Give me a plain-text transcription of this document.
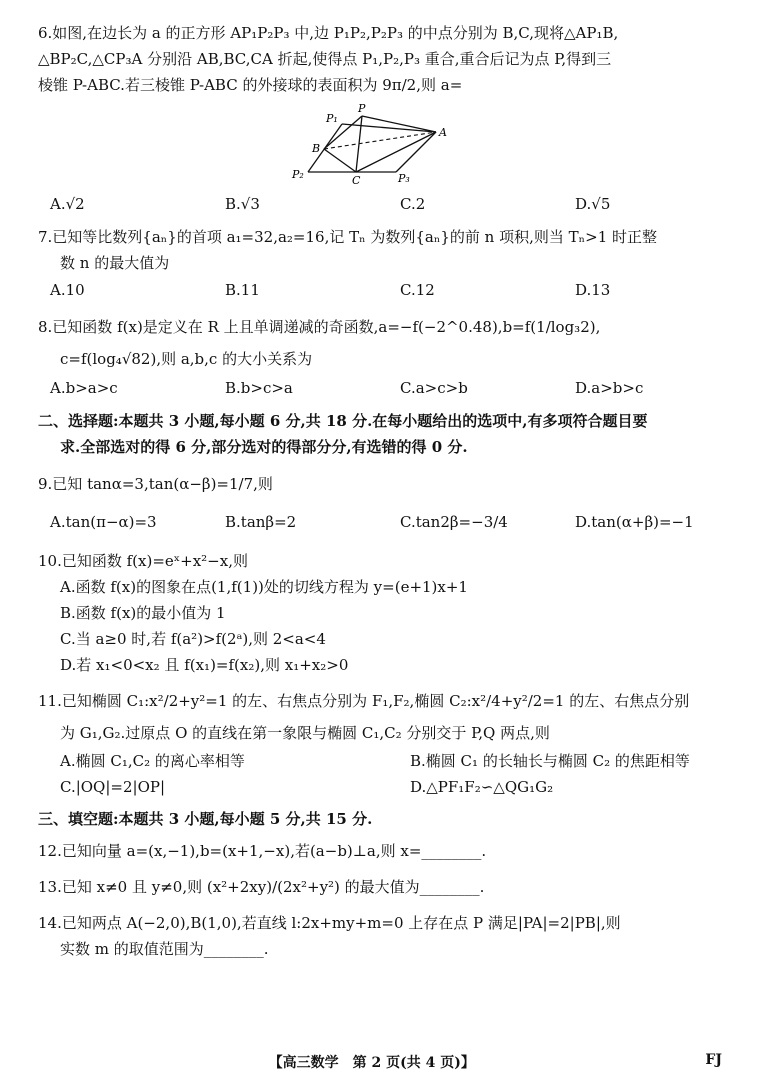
6.如图,在边长为 a 的正方形 AP₁P₂P₃ 中,边 P₁P₂,P₂P₃ 的中点分别为 B,C,现将△AP₁B,
△BP₂C,△CP₃A 分别沿 AB,BC,CA 折起,使得点 P₁,P₂,P₃ 重合,重合后记为点 P,得到三
棱锥 P-ABC.若三棱锥 P-ABC 的外接球的表面积为 9π/2,则 a=
P₁
P
B
A
P₂	C	P₃
A.√2	B.√3	C.2	D.√5
7.已知等比数列{aₙ}的首项 a₁=32,a₂=16,记 Tₙ 为数列{aₙ}的前 n 项积,则当 Tₙ>1 时正整
数 n 的最大值为
A.10	B.11	C.12	D.13
8.已知函数 f(x)是定义在 R 上且单调递减的奇函数,a=−f(−2^0.48),b=f(1/log₃2),
c=f(log₄√82),则 a,b,c 的大小关系为
A.b>a>c	B.b>c>a	C.a>c>b	D.a>b>c
二、选择题:本题共 3 小题,每小题 6 分,共 18 分.在每小题给出的选项中,有多项符合题目要
求.全部选对的得 6 分,部分选对的得部分分,有选错的得 0 分.
9.已知 tanα=3,tan(α−β)=1/7,则
A.tan(π−α)=3	B.tanβ=2	C.tan2β=−3/4	D.tan(α+β)=−1
10.已知函数 f(x)=eˣ+x²−x,则
A.函数 f(x)的图象在点(1,f(1))处的切线方程为 y=(e+1)x+1
B.函数 f(x)的最小值为 1
C.当 a≥0 时,若 f(a²)>f(2ᵃ),则 2<a<4
D.若 x₁<0<x₂ 且 f(x₁)=f(x₂),则 x₁+x₂>0
11.已知椭圆 C₁:x²/2+y²=1 的左、右焦点分别为 F₁,F₂,椭圆 C₂:x²/4+y²/2=1 的左、右焦点分别
为 G₁,G₂.过原点 O 的直线在第一象限与椭圆 C₁,C₂ 分别交于 P,Q 两点,则
A.椭圆 C₁,C₂ 的离心率相等	B.椭圆 C₁ 的长轴长与椭圆 C₂ 的焦距相等
C.|OQ|=2|OP|	D.△PF₁F₂∽△QG₁G₂
三、填空题:本题共 3 小题,每小题 5 分,共 15 分.
12.已知向量 a=(x,−1),b=(x+1,−x),若(a−b)⊥a,则 x=________.
13.已知 x≠0 且 y≠0,则 (x²+2xy)/(2x²+y²) 的最大值为________.
14.已知两点 A(−2,0),B(1,0),若直线 l:2x+my+m=0 上存在点 P 满足|PA|=2|PB|,则
实数 m 的取值范围为________.
【高三数学　第 2 页(共 4 页)】	FJ
